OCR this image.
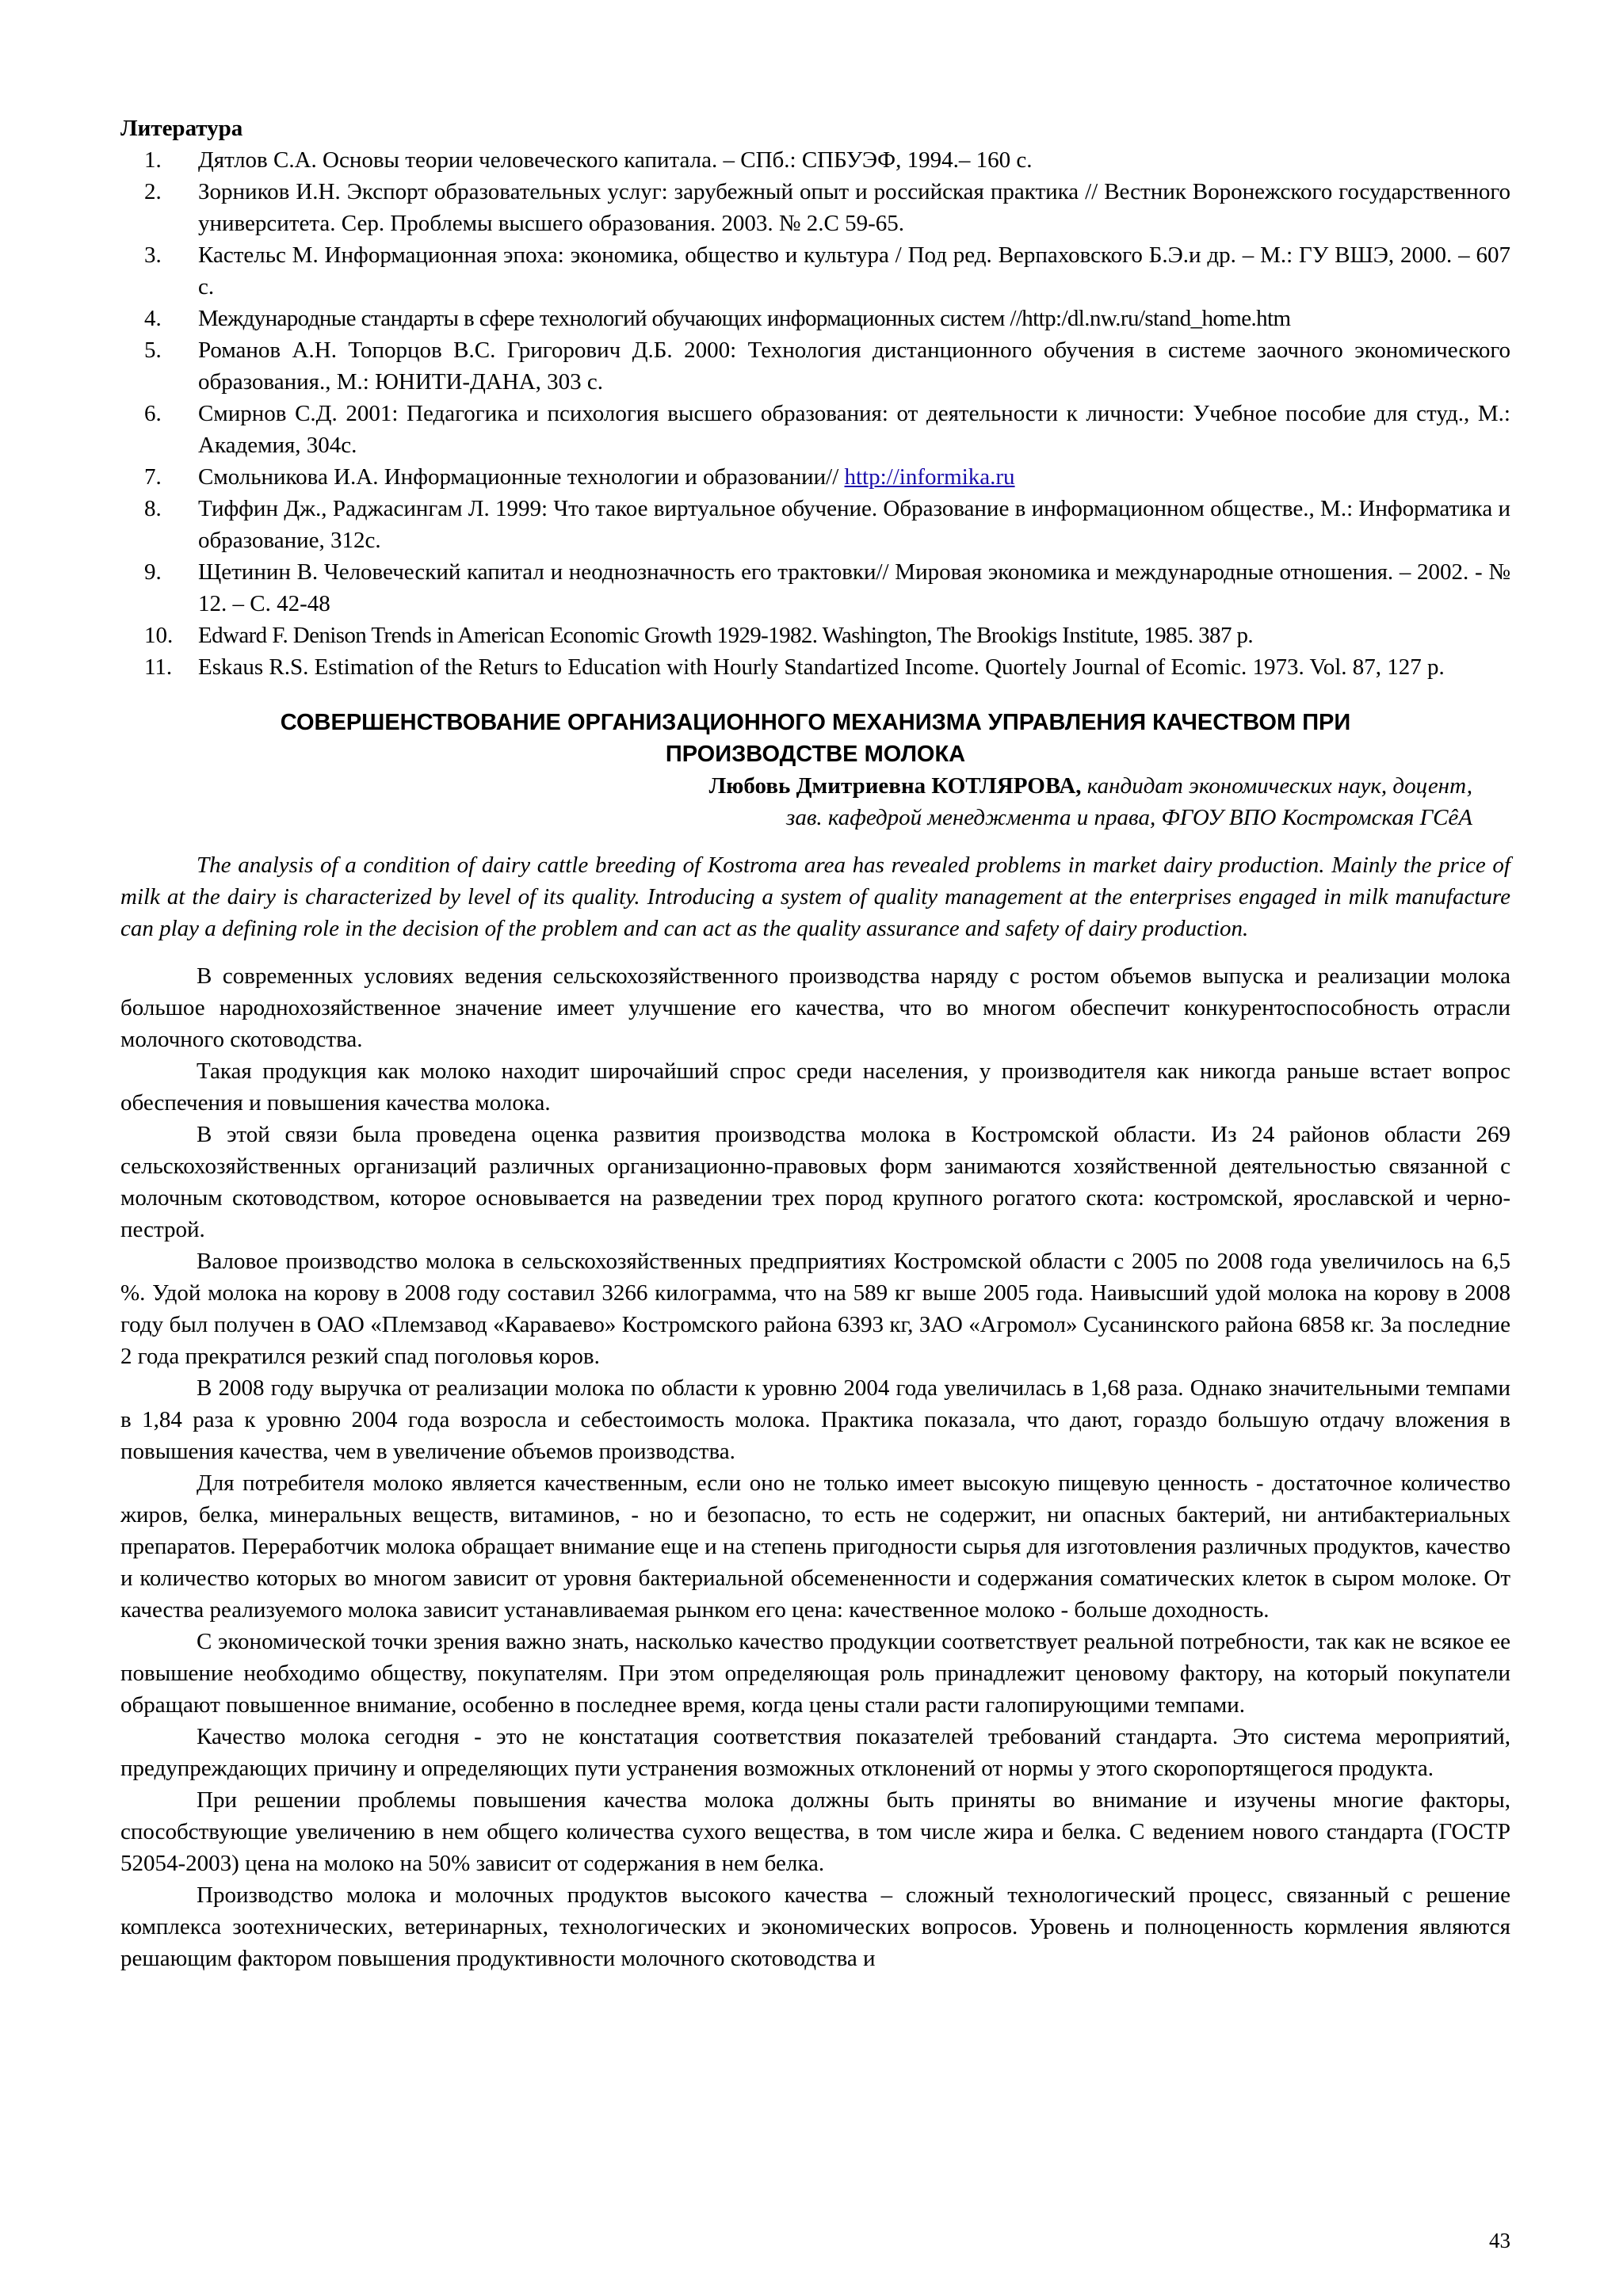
Литература
1. Дятлов С.А. Основы теории человеческого капитала. – СПб.: СПБУЭФ, 1994.– 160 с.
2. Зорников И.Н. Экспорт образовательных услуг: зарубежный опыт и российская практика // Вестник Воронежского государственного университета. Сер. Проблемы высшего образования. 2003. № 2.С 59-65.
3. Кастельс М. Информационная эпоха: экономика, общество и культура / Под ред. Верпаховского Б.Э.и др. – М.: ГУ ВШЭ, 2000. – 607 с.
4. Международные стандарты в сфере технологий обучающих информационных систем //http:/dl.nw.ru/stand_home.htm
5. Романов А.Н. Топорцов В.С. Григорович Д.Б. 2000: Технология дистанционного обучения в системе заочного экономического образования., М.: ЮНИТИ-ДАНА, 303 с.
6. Смирнов С.Д. 2001: Педагогика и психология высшего образования: от деятельности к личности: Учебное пособие для студ., М.: Академия, 304с.
7. Смольникова И.А. Информационные технологии и образовании// http://informika.ru
8. Тиффин Дж., Раджасингам Л. 1999: Что такое виртуальное обучение. Образование в информационном обществе., М.: Информатика и образование, 312с.
9. Щетинин В. Человеческий капитал и неоднозначность его трактовки// Мировая экономика и международные отношения. – 2002. - № 12. – С. 42-48
10. Edward F. Denison Trends in American Economic Growth 1929-1982. Washington, The Brookigs Institute, 1985. 387 p.
11. Eskaus R.S. Estimation of the Returs to Education with Hourly Standartized Income. Quortely Journal of Ecomic. 1973. Vol. 87, 127 p.
СОВЕРШЕНСТВОВАНИЕ ОРГАНИЗАЦИОННОГО МЕХАНИЗМА УПРАВЛЕНИЯ КАЧЕСТВОМ ПРИ
ПРОИЗВОДСТВЕ МОЛОКА
Любовь Дмитриевна КОТЛЯРОВА, кандидат экономических наук, доцент,
зав. кафедрой менеджмента и права, ФГОУ ВПО Костромская ГСêА
The analysis of a condition of dairy cattle breeding of Kostroma area has revealed problems in market dairy production. Mainly the price of milk at the dairy is characterized by level of its quality. Introducing a system of quality management at the enterprises engaged in milk manufacture can play a defining role in the decision of the problem and can act as the quality assurance and safety of dairy production.

В современных условиях ведения сельскохозяйственного производства наряду с ростом объемов выпуска и реализации молока большое народнохозяйственное значение имеет улучшение его качества, что во многом обеспечит конкурентоспособность отрасли молочного скотоводства.

Такая продукция как молоко находит широчайший спрос среди населения, у производителя как никогда раньше встает вопрос обеспечения и повышения качества молока.

В этой связи была проведена оценка развития производства молока в Костромской области. Из 24 районов области 269 сельскохозяйственных организаций различных организационно-правовых форм занимаются хозяйственной деятельностью связанной с молочным скотоводством, которое основывается на разведении трех пород крупного рогатого скота: костромской, ярославской и черно-пестрой.

Валовое производство молока в сельскохозяйственных предприятиях Костромской области с 2005 по 2008 года увеличилось на 6,5 %. Удой молока на корову в 2008 году составил 3266 килограмма, что на 589 кг выше 2005 года. Наивысший удой молока на корову в 2008 году был получен в ОАО «Племзавод «Караваево» Костромского района 6393 кг, ЗАО «Агромол» Сусанинского района 6858 кг. За последние 2 года прекратился резкий спад поголовья коров.

В 2008 году выручка от реализации молока по области к уровню 2004 года увеличилась в 1,68 раза. Однако значительными темпами в 1,84 раза к уровню 2004 года возросла и себестоимость молока. Практика показала, что дают, гораздо большую отдачу вложения в повышения качества, чем в увеличение объемов производства.

Для потребителя молоко является качественным, если оно не только имеет высокую пищевую ценность - достаточное количество жиров, белка, минеральных веществ, витаминов, - но и безопасно, то есть не содержит, ни опасных бактерий, ни антибактериальных препаратов. Переработчик молока обращает внимание еще и на степень пригодности сырья для изготовления различных продуктов, качество и количество которых во многом зависит от уровня бактериальной обсемененности и содержания соматических клеток в сыром молоке. От качества реализуемого молока зависит устанавливаемая рынком его цена: качественное молоко - больше доходность.

С экономической точки зрения важно знать, насколько качество продукции соответствует реальной потребности, так как не всякое ее повышение необходимо обществу, покупателям. При этом определяющая роль принадлежит ценовому фактору, на который покупатели обращают повышенное внимание, особенно в последнее время, когда цены стали расти галопирующими темпами.

Качество молока сегодня - это не констатация соответствия показателей требований стандарта. Это система мероприятий, предупреждающих причину и определяющих пути устранения возможных отклонений от нормы у этого скоропортящегося продукта.

При решении проблемы повышения качества молока должны быть приняты во внимание и изучены многие факторы, способствующие увеличению в нем общего количества сухого вещества, в том числе жира и белка. С ведением нового стандарта (ГОСТР 52054-2003) цена на молоко на 50% зависит от содержания в нем белка.

Производство молока и молочных продуктов высокого качества – сложный технологический процесс, связанный с решение комплекса зоотехнических, ветеринарных, технологических и экономических вопросов. Уровень и полноценность кормления являются решающим фактором повышения продуктивности молочного скотоводства и

43
